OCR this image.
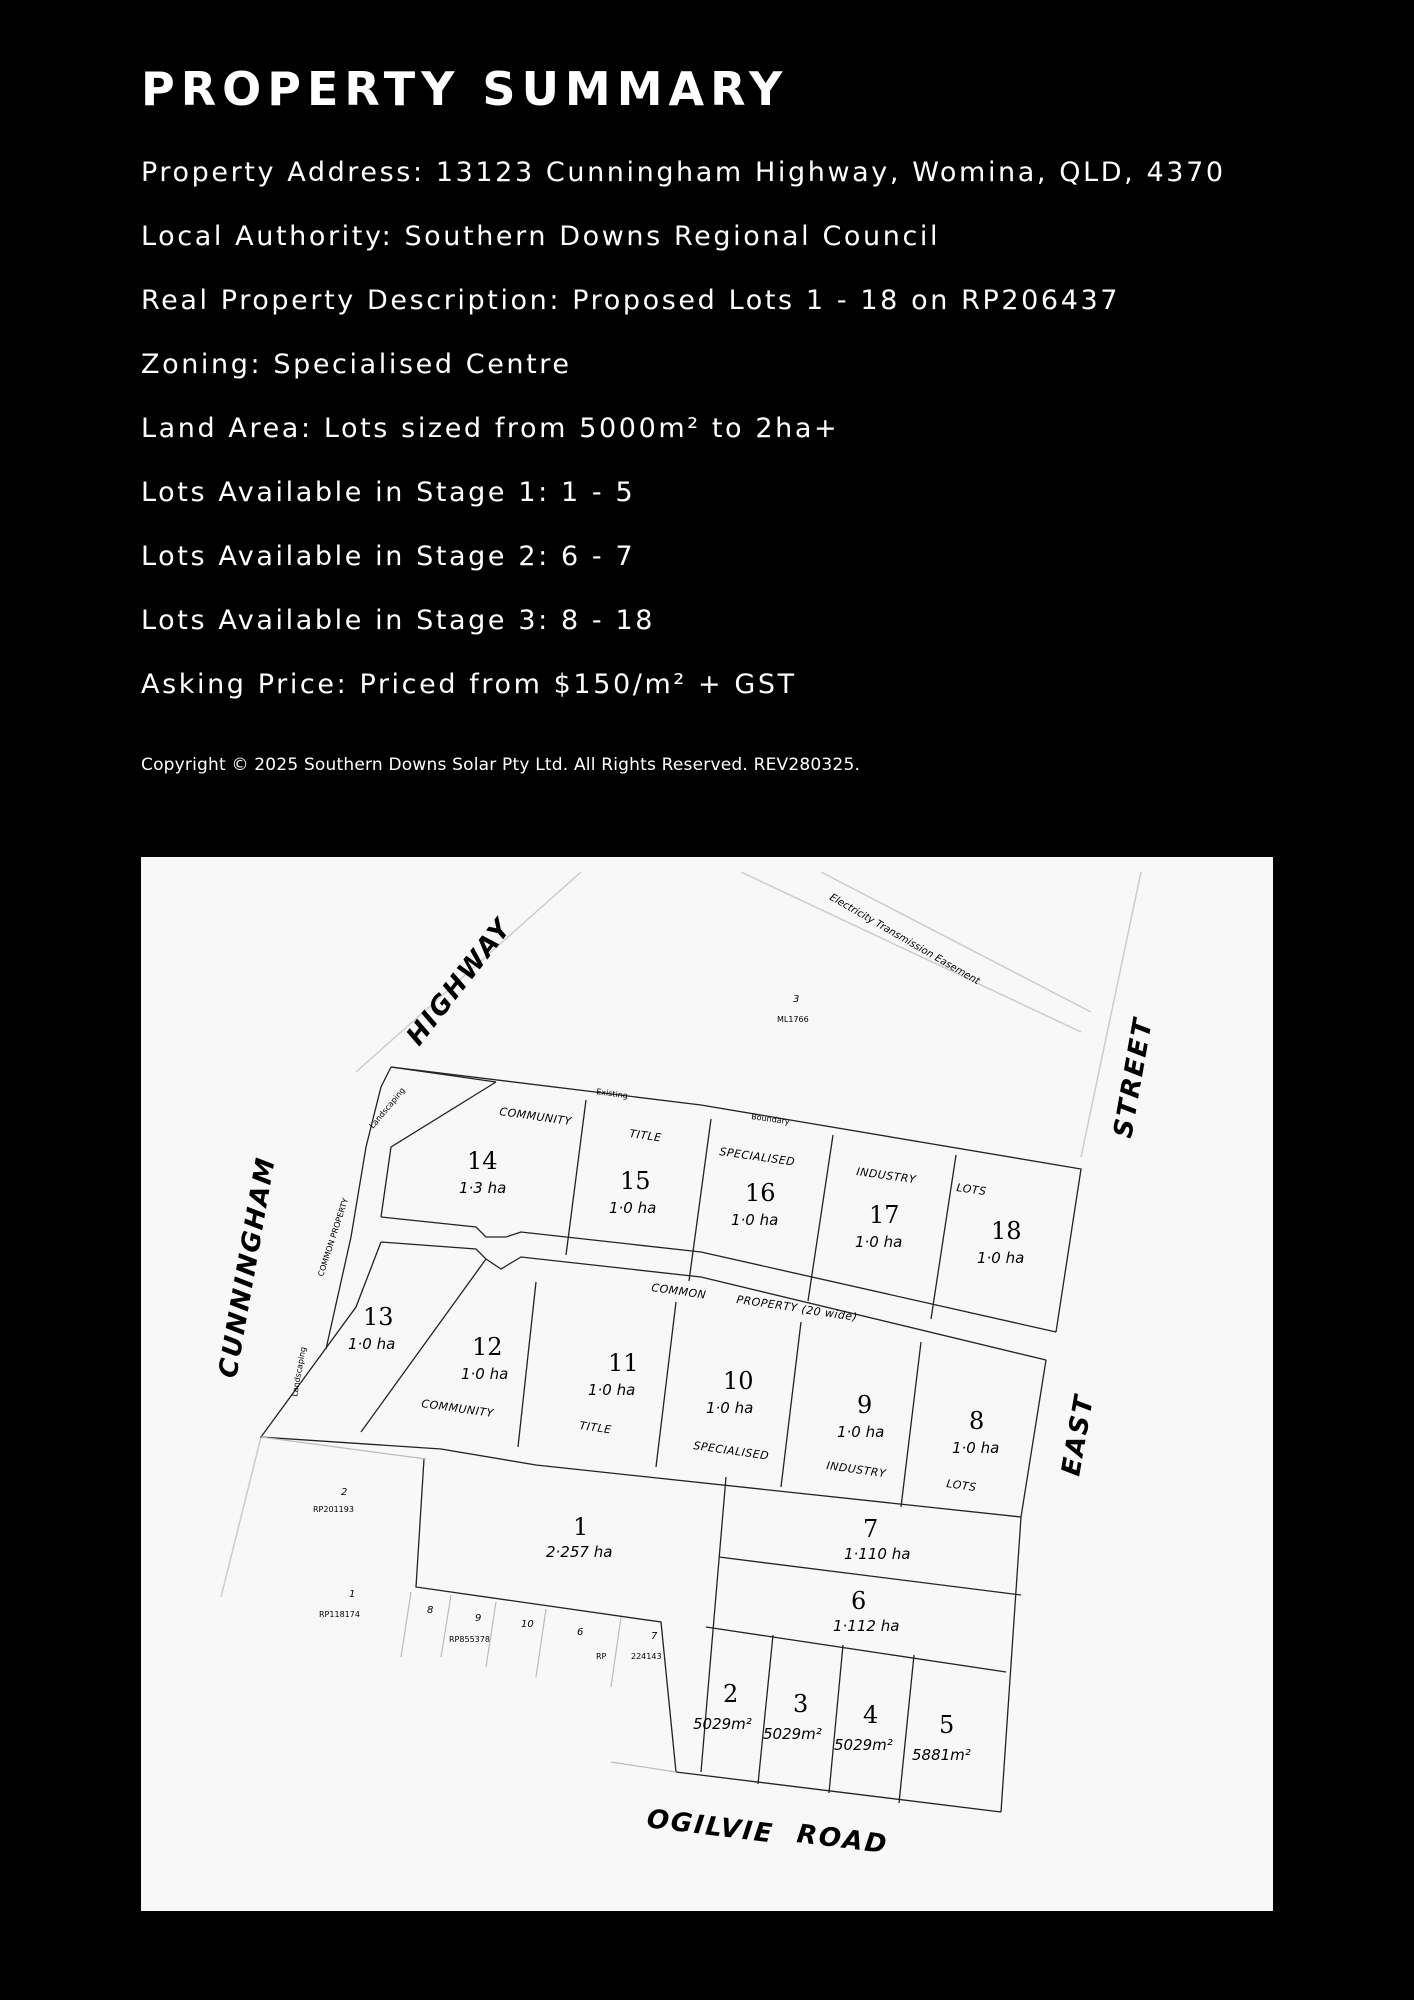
PROPERTY SUMMARY
Property Address: 13123 Cunningham Highway, Womina, QLD, 4370
Local Authority: Southern Downs Regional Council
Real Property Description: Proposed Lots 1 - 18 on RP206437
Zoning: Specialised Centre
Land Area: Lots sized from 5000m² to 2ha+
Lots Available in Stage 1: 1 - 5
Lots Available in Stage 2: 6 - 7
Lots Available in Stage 3: 8 - 18
Asking Price: Priced from $150/m² + GST
Copyright © 2025 Southern Downs Solar Pty Ltd. All Rights Reserved. REV280325.
HIGHWAY
CUNNINGHAM
STREET
EAST
OGILVIE ROAD
Electricity Transmission Easement
3
ML1766
2
RP201193
1
RP118174
Existing
Boundary
COMMUNITY
TITLE
SPECIALISED
INDUSTRY
LOTS
COMMUNITY
TITLE
SPECIALISED
INDUSTRY
LOTS
COMMON
PROPERTY (20 wide)
COMMON PROPERTY
Landscaping
Landscaping
RP	224143
RP855378
8
9
10
6	7
14
1·3 ha	15
1·0 ha
16
1·0 ha	17
1·0 ha	18
1·0 ha
13
1·0 ha	12
1·0 ha	11
1·0 ha	10
1·0 ha	9
1·0 ha	8
1·0 ha
1
2·257 ha
7
1·110 ha
6
1·112 ha
2
5029m²
3
5029m²
4
5029m²
5
5881m²
